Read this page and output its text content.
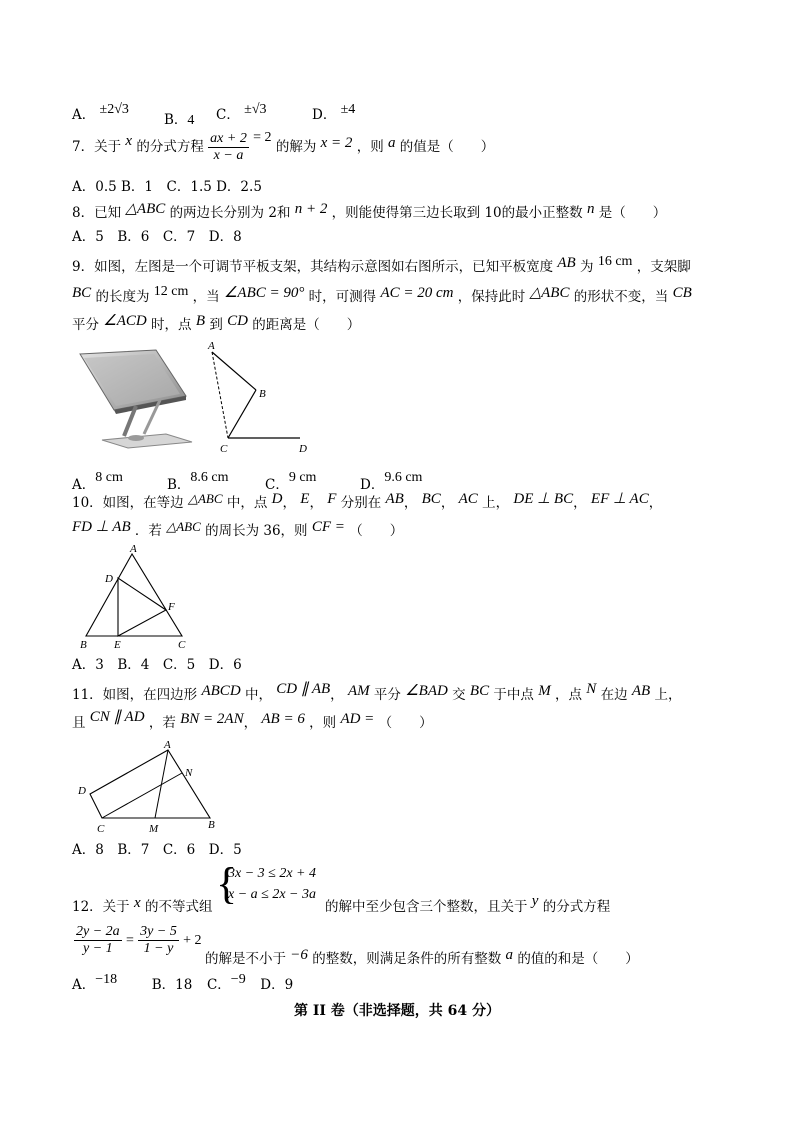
A． ±2√3
B．4 C． ±√3	D． ±4
7．关于 x 的分式方程 $\frac{ax + 2}{x - a} = 2$ 的解为 x = 2 ，则 a 的值是（　　）
A．0.5 B．1　C．1.5 D．2.5
8．已知 △ABC 的两边长分别为 2和 n + 2 ，则能使得第三边长取到 10的最小正整数 n 是（　　）
A．5　B．6　C．7　D．8
9．如图，左图是一个可调节平板支架，其结构示意图如右图所示，已知平板宽度 AB 为 16 cm ，支架脚
BC 的长度为 12 cm ，当 ∠ABC = 90° 时，可测得 AC = 20 cm ，保持此时 △ABC 的形状不变，当 CB
平分 ∠ACD 时，点 B 到 CD 的距离是（　　）
A
B
C	D
A．8 cm	B．8.6 cm	C．9 cm	D．9.6 cm
10．如图，在等边 △ABC 中，点 D， E， F 分别在 AB， BC， AC 上， DE ⊥ BC， EF ⊥ AC，
FD ⊥ AB ．若 △ABC 的周长为 36，则 CF = （　　）
A
D
F
B E	C
A．3　B．4　C．5　D．6
11．如图，在四边形 ABCD 中， CD ∥ AB， AM 平分 ∠BAD 交 BC 于中点 M ，点 N 在边 AB 上，
且 CN ∥ AD ，若 BN = 2AN， AB = 6 ，则 AD = （　　）
A
D
N
C	M	B
A．8　B．7　C．6　D．5
{
3x − 3 ≤ 2x + 4
x − a ≤ 2x − 3a
12．关于 x 的不等式组	的解中至少包含三个整数，且关于 y 的分式方程
$\frac{2y - 2a}{y - 1} = \frac{3y - 5}{1 - y} + 2$
的解是不小于 −6 的整数，则满足条件的所有整数 a 的值的和是（　　）
A．−18	B．18 C．−9 D．9
第 II 卷（非选择题，共 64 分）
